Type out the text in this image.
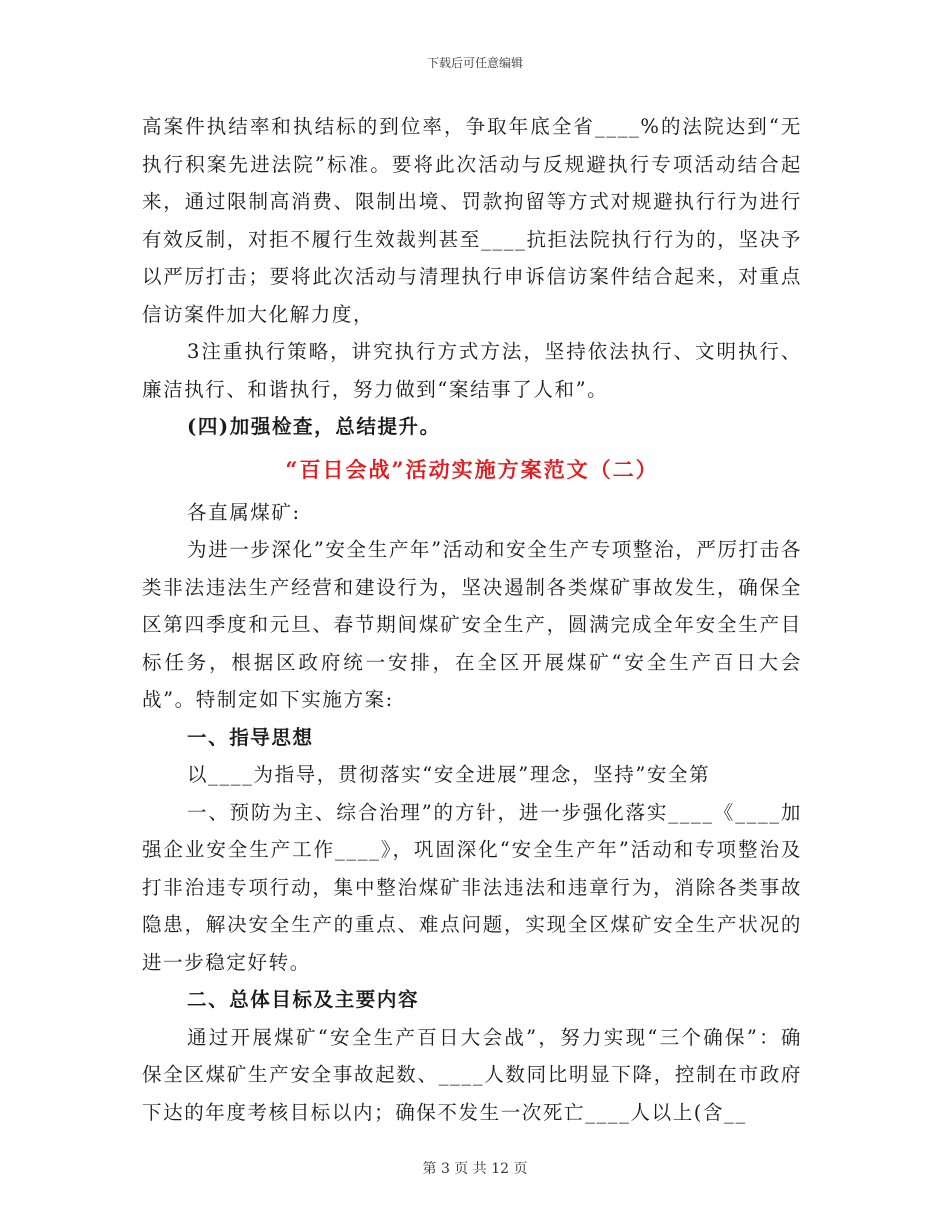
下载后可任意编辑

高案件执结率和执结标的到位率，争取年底全省____%的法院达到“无执行积案先进法院”标准。要将此次活动与反规避执行专项活动结合起来，通过限制高消费、限制出境、罚款拘留等方式对规避执行行为进行有效反制，对拒不履行生效裁判甚至____抗拒法院执行行为的，坚决予以严厉打击；要将此次活动与清理执行申诉信访案件结合起来，对重点信访案件加大化解力度，

3注重执行策略，讲究执行方式方法，坚持依法执行、文明执行、廉洁执行、和谐执行，努力做到“案结事了人和”。

(四)加强检查，总结提升。

“百日会战”活动实施方案范文（二）

各直属煤矿:

为进一步深化”安全生产年”活动和安全生产专项整治，严厉打击各类非法违法生产经营和建设行为，坚决遏制各类煤矿事故发生，确保全区第四季度和元旦、春节期间煤矿安全生产，圆满完成全年安全生产目标任务，根据区政府统一安排，在全区开展煤矿“安全生产百日大会战”。特制定如下实施方案:

一、指导思想

以____为指导，贯彻落实“安全进展”理念，坚持”安全第

一、预防为主、综合治理”的方针，进一步强化落实____《____加强企业安全生产工作____》，巩固深化“安全生产年”活动和专项整治及打非治违专项行动，集中整治煤矿非法违法和违章行为，消除各类事故隐患，解决安全生产的重点、难点问题，实现全区煤矿安全生产状况的进一步稳定好转。

二、总体目标及主要内容

通过开展煤矿“安全生产百日大会战”，努力实现“三个确保”：确保全区煤矿生产安全事故起数、____人数同比明显下降，控制在市政府下达的年度考核目标以内；确保不发生一次死亡____人以上(含__

第 3 页 共 12 页
